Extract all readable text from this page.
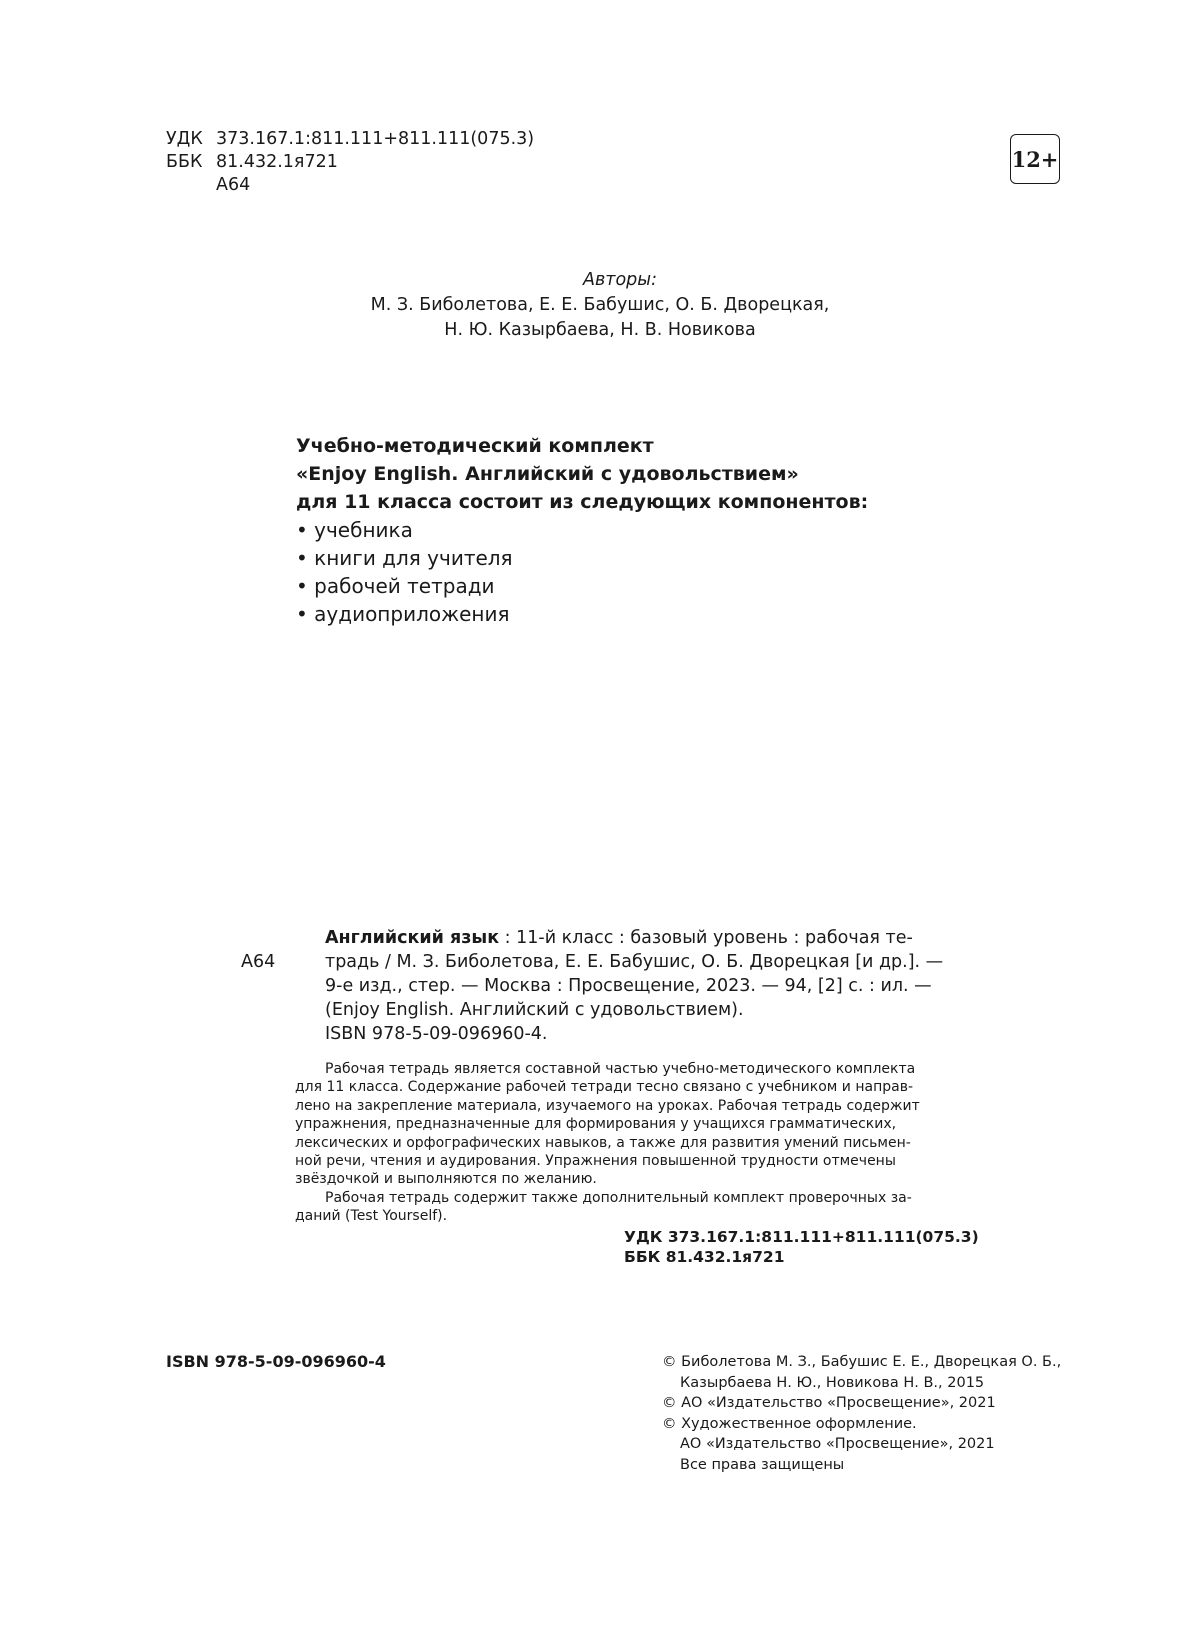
УДК 373.167.1:811.111+811.111(075.3)
ББК 81.432.1я721
А64
12+
Авторы:
М. З. Биболетова, Е. Е. Бабушис, О. Б. Дворецкая,
Н. Ю. Казырбаева, Н. В. Новикова
Учебно-методический комплект
«Enjoy English. Английский с удовольствием»
для 11 класса состоит из следующих компонентов:
• учебника
• книги для учителя
• рабочей тетради
• аудиоприложения
Английский язык : 11-й класс : базовый уровень : рабочая те-
А64	традь / М. З. Биболетова, Е. Е. Бабушис, О. Б. Дворецкая [и др.]. —
9-е изд., стер. — Москва : Просвещение, 2023. — 94, [2] с. : ил. —
(Enjoy English. Английский с удовольствием).
ISBN 978-5-09-096960-4.
Рабочая тетрадь является составной частью учебно-методического комплекта
для 11 класса. Содержание рабочей тетради тесно связано с учебником и направ-
лено на закрепление материала, изучаемого на уроках. Рабочая тетрадь содержит
упражнения, предназначенные для формирования у учащихся грамматических,
лексических и орфографических навыков, а также для развития умений письмен-
ной речи, чтения и аудирования. Упражнения повышенной трудности отмечены
звёздочкой и выполняются по желанию.
Рабочая тетрадь содержит также дополнительный комплект проверочных за-
даний (Test Yourself).
УДК 373.167.1:811.111+811.111(075.3)
ББК 81.432.1я721
ISBN 978-5-09-096960-4	© Биболетова М. З., Бабушис Е. Е., Дворецкая О. Б.,
Казырбаева Н. Ю., Новикова Н. В., 2015
© АО «Издательство «Просвещение», 2021
© Художественное оформление.
АО «Издательство «Просвещение», 2021
Все права защищены
